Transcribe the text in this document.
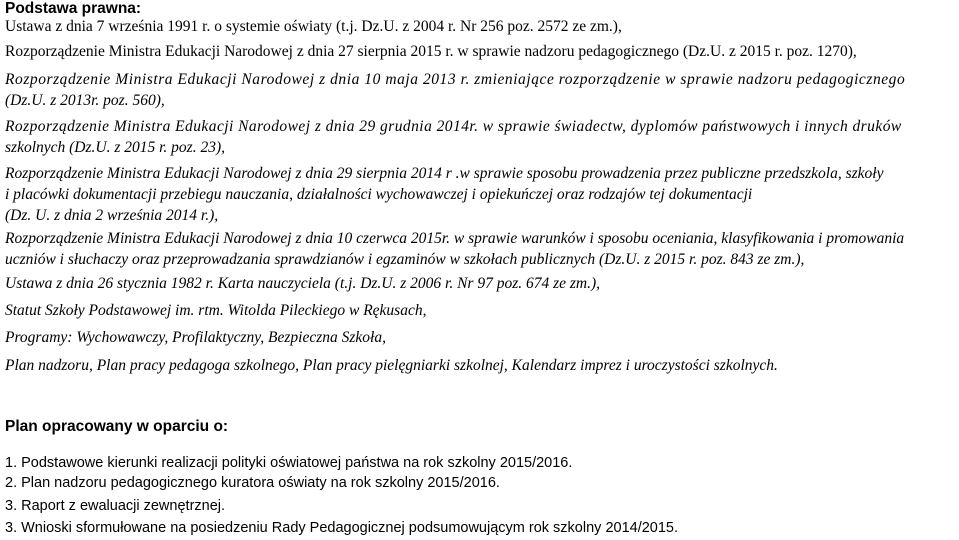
Podstawa prawna:

Ustawa z dnia 7 września 1991 r. o systemie oświaty (t.j. Dz.U. z 2004 r. Nr 256 poz. 2572 ze zm.),

Rozporządzenie Ministra Edukacji Narodowej z dnia 27 sierpnia 2015 r. w sprawie nadzoru pedagogicznego (Dz.U. z 2015 r. poz. 1270),

Rozporządzenie Ministra Edukacji Narodowej z dnia 10 maja 2013 r. zmieniające rozporządzenie w sprawie nadzoru pedagogicznego

(Dz.U. z 2013r. poz. 560),

Rozporządzenie Ministra Edukacji Narodowej z dnia 29 grudnia 2014r. w sprawie świadectw, dyplomów państwowych i innych druków

szkolnych (Dz.U. z 2015 r. poz. 23),

Rozporządzenie Ministra Edukacji Narodowej z dnia 29 sierpnia 2014 r .w sprawie sposobu prowadzenia przez publiczne przedszkola, szkoły

i placówki dokumentacji przebiegu nauczania, działalności wychowawczej i opiekuńczej oraz rodzajów tej dokumentacji

(Dz. U. z dnia 2 września 2014 r.),

Rozporządzenie Ministra Edukacji Narodowej z dnia 10 czerwca 2015r. w sprawie warunków i sposobu oceniania, klasyfikowania i promowania

uczniów i słuchaczy oraz przeprowadzania sprawdzianów i egzaminów w szkołach publicznych (Dz.U. z 2015 r. poz. 843 ze zm.),

Ustawa z dnia 26 stycznia 1982 r. Karta nauczyciela (t.j. Dz.U. z 2006 r. Nr 97 poz. 674 ze zm.),

Statut Szkoły Podstawowej im. rtm. Witolda Pileckiego w Rękusach,

Programy: Wychowawczy, Profilaktyczny, Bezpieczna Szkoła,

Plan nadzoru, Plan pracy pedagoga szkolnego, Plan pracy pielęgniarki szkolnej, Kalendarz imprez i uroczystości szkolnych.

Plan opracowany w oparciu o:

1. Podstawowe kierunki realizacji polityki oświatowej państwa na rok szkolny 2015/2016.
2. Plan nadzoru pedagogicznego kuratora oświaty na rok szkolny 2015/2016.
3. Raport z ewaluacji zewnętrznej.
3. Wnioski sformułowane na posiedzeniu Rady Pedagogicznej podsumowującym rok szkolny 2014/2015.
